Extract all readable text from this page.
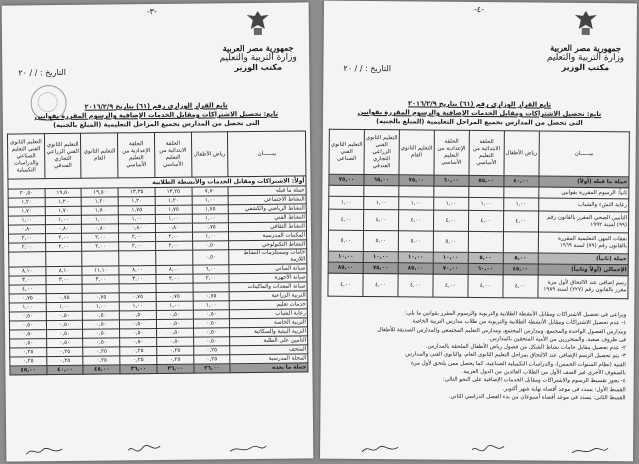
-٣-
جمهورية مصر العربية
وزارة التربية والتعليم
مكتب الوزير
التاريخ : / / ٢٠
تابع القرار الوزارى رقم (٦١) بتاريخ ٢٠١٦/٢/٩
تابع: تحصيل الاشتراكات ومقابل الخدمات الإضافية والرسوم المقررة بقوانين
التى تحصل من المدارس بجميع المراحل التعليمية (المبلغ بالجنيه)
بيــــــان	رياض الأطفال	الحلقة الابتدائية من التعليم الأساسي	الحلقة الإعدادية من التعليم الأساسي	التعليم الثانوي العام	التعليم الثانوي الفني الزراعي التجاري الفندقي	التعليم الثانوي الفني التعليم الصناعي والدراسات التكميلية
أولاً: الاشتراكات ومقابل الخدمات والأنشطة الطلابية						
جملة ما قبله	٧,٧٠	١٣,٢٥	١٣,٣٥	١٩,٥٠	١٩,٥٠	٢٠,٥٠
النشاط الاجتماعي	١,٠٠	١,٢٠	١,٢٠	١,٢٠	١,٢٠	١,٢٠
النشاط الرياضي والكشفي	١,٧٥	١,٧٥	١,٧٥	١,٧٠	١,٧٠	١,٧٠
النشاط الفني	١,٠٠	١,٠٠	١,٠٠	١,٠٠	١,٠٠	١,٠٠
النشاط الثقافي	٠,٧٥	٠,٨٠	٠,٨٠	٠,٨٠	٠,٨٠	٠,٨٠
المكتبات المدرسية	١,٠٠	٢,٠٠	٢,٠٠	٢,٠٠	٢,٠٠	٢,٠٠
النشاط التكنولوجي	٠,٥٠	٢,٠٠	٢,٠٠	٢,٠٠	٢,٠٠	٢,٠٠
خامات ومستلزمات النشاط اللازمة	٠,٥٠					
صيانة المباني	٦,٠٠	٨,٠٠	٨,٠٠	١١,١٠	٨,١٠	٨,١٠
صيانة الأجهزة	٢,٠٠	٣,٠٠	٣,٠٠	٣,٠٠	٣,٠٠	٣,٠٠
صيانة المعدات والماكينات						٤,٠٠
التربية الزراعية	٠,٧٥	٠,٧٥	٠,٧٥	٠,٧٥	٠,٧٥	٠,٧٥
خدمات تعليم	١,٠٠	١,٠٠	١,٠٠	١,٠٠	١,٠٠	١,٠٠
رعاية الشباب	٠,٥٠	٠,٥٠	٠,٥٠	٠,٥٠	٠,٥٠	٠,٥٠
التربية الخاصة	٠,٥٠	٠,٥٠	٠,٥٠	٠,٥٠	٠,٥٠	٠,٥٠
التربية البيئية والسكانية	٠,٥٠	٠,٥٠	٠,٥٠	٠,٥٠	٠,٥٠	٠,٥٠
التأمين على الطلبة	٠,٥٠	٠,٥٠	٠,٥٠	٠,٥٠	٠,٥٠	٠,٥٠
المتحف	٠,٢٥	٠,٢٥	٠,٢٥	٠,٢٥	٠,٢٥	٠,٢٥
المجلة المدرسية	٠,٢٥	٠,٢٥	٠,٢٥	٠,٢٥	٠,٢٥	٠,٢٥
جملة ما بعده	٢٦,٠٠	٣٦,٠٠	٣٦,٠٠	٤٥,٠٠	٤٠,٠٠	٤٥,٠٠
-٤-
جمهورية مصر العربية
وزارة التربية والتعليم
مكتب الوزير
التاريخ : / / ٢٠
تابع القرار الوزارى رقم (٦١) بتاريخ ٢٠١٦/٢/٩
تابع: تحصيل الاشتراكات ومقابل الخدمات الإضافية والرسوم المقررة بقوانين
التى تحصل من المدارس بجميع المراحل التعليمية (المبلغ بالجنيه)
بيــــــان	رياض الأطفال	الحلقة الابتدائية من التعليم الأساسي	الحلقة الإعدادية من التعليم الأساسي	التعليم الثانوي العام	التعليم الثانوي الفني الزراعي التجاري الفندقي	التعليم الثانوي الفني الصناعي
جملة ما قبله (أولاً)	٤٠,٠٠	٥٥,٠٠	٦٠,٠٠	٧٥,٠٠	٦٥,٠٠	٧٥,٠٠
ثانياً: الرسوم المقررة بقوانين						
رعاية النشء والشباب	١,٠٠	١,٠٠	١,٠٠	١,٠٠	١,٠٠	١,٠٠
التأمين الصحي المقرر بالقانون رقم (٩٩) لسنة ١٩٩٢	٤,٠٠	٤,٠٠	٤,٠٠	٤,٠٠	٤,٠٠	٤,٠٠
نفقات المهن التعليمية المقررة بالقانون رقم (٧٩) لسنة ١٩٦٩			٥,٠٠	٥,٠٠	٥,٠٠	٥,٠٠
جملة (ثانياً)	٥,٠٠	٥,٠٠	١٠,٠٠	١٠,٠٠	١٠,٠٠	١٠,٠٠
الإجمالي (أولاً وثانياً)	٤٥,٠٠	٦٠,٠٠	٧٠,٠٠	٨٥,٠٠	٧٥,٠٠	٨٥,٠٠
رسم إضافى عند الالتحاق لأول مرة مقرر بالقانون رقم (٢٢٧) لسنة ١٩٨٩	٤,٠٠	٤,٠٠	٤,٠٠	٤,٠٠	٤,٠٠	٤,٠٠

ويراعى فى تحصيل الاشتراكات ومقابل الأنشطة الطلابية والتربوية والرسوم المقرر بقوانين ما يلي:

١- عدم تحصيل الاشتراكات ومقابل الأنشطة الطلابية والتربوية من طلاب مدارس التربية الخاصة

ومدارس الفصول الواحدة والمجتمع، ومدارس المجتمع، ومدارس التعليم المجتمعي والمدارس الصديقة للأطفال

فى ظروف صعبة، والمتحررين من الأمية المتحقين بالمدارس.

٢- عدم تحصيل مقابل خامات نشاط الشكل من فصول رياض الأطفال الملحقة بالمدارس.

٣- يتم تحصيل الرسم الإضافى عند الالتحاق بمراحل التعليم الثانوى العام، والثانوى الفنى والمدارس

الفنية (نظام السنوات الخمس)، والدراسات التكميلية الصناعية، كما يحصل ممن يلتحق لأول مرة

بالصفوف الأخرى غير الصف الأول من الطلاب العائدين من الدول العربية.

٤- يجوز تقسيط الرسوم والاشتراكات ومقابل الخدمات الإضافية على النحو التالى:

القسط الأول: يسدد فى موعد أقصاه نهاية شهر أكتوبر.

القسط الثانى: يسدد فى موعد أقصاه أسبوعان من بدء الفصل الدراسي الثاني.
